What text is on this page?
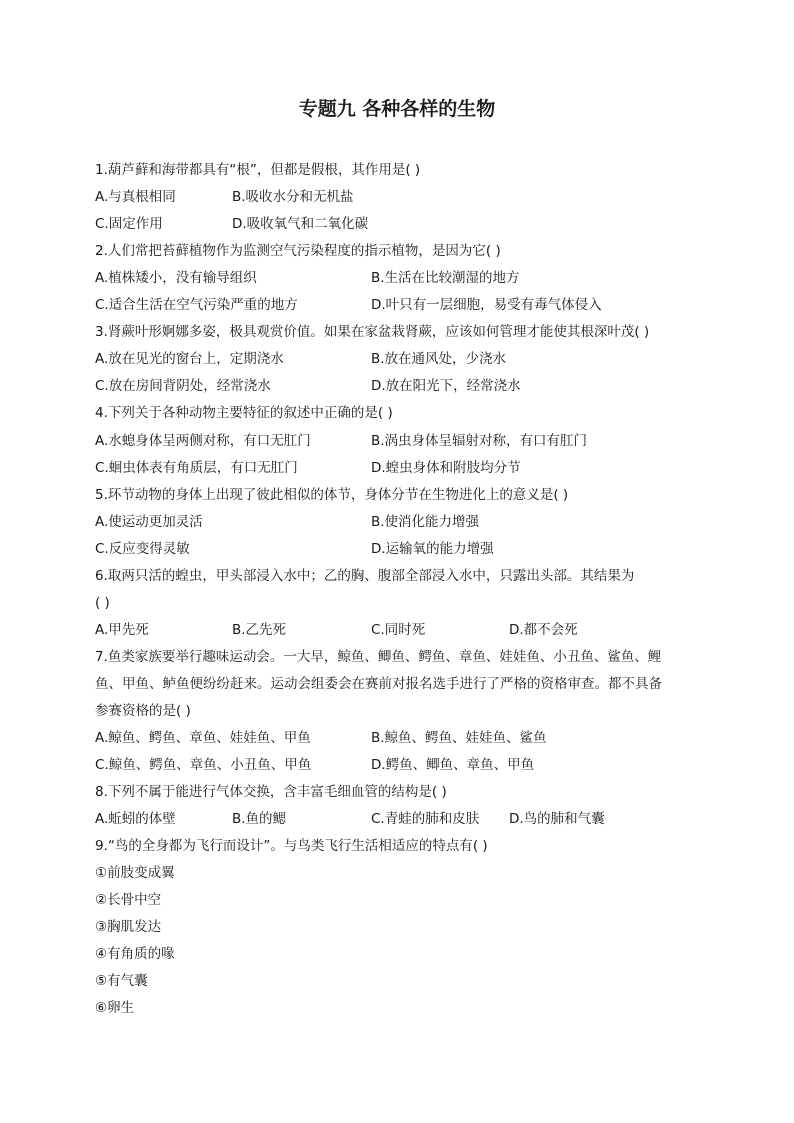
专题九 各种各样的生物
1.葫芦藓和海带都具有“根”，但都是假根，其作用是( )
A.与真根相同	B.吸收水分和无机盐
C.固定作用	D.吸收氧气和二氧化碳
2.人们常把苔藓植物作为监测空气污染程度的指示植物，是因为它( )
A.植株矮小，没有输导组织	B.生活在比较潮湿的地方
C.适合生活在空气污染严重的地方	D.叶只有一层细胞，易受有毒气体侵入
3.肾蕨叶形婀娜多姿，极具观赏价值。如果在家盆栽肾蕨，应该如何管理才能使其根深叶茂( )
A.放在见光的窗台上，定期浇水	B.放在通风处，少浇水
C.放在房间背阴处，经常浇水	D.放在阳光下，经常浇水
4.下列关于各种动物主要特征的叙述中正确的是( )
A.水螅身体呈两侧对称，有口无肛门	B.涡虫身体呈辐射对称，有口有肛门
C.蛔虫体表有角质层，有口无肛门	D.蝗虫身体和附肢均分节
5.环节动物的身体上出现了彼此相似的体节，身体分节在生物进化上的意义是( )
A.使运动更加灵活	B.使消化能力增强
C.反应变得灵敏	D.运输氧的能力增强
6.取两只活的蝗虫，甲头部浸入水中；乙的胸、腹部全部浸入水中，只露出头部。其结果为
( )
A.甲先死	B.乙先死	C.同时死	D.都不会死
7.鱼类家族要举行趣味运动会。一大早，鲸鱼、鲫鱼、鳄鱼、章鱼、娃娃鱼、小丑鱼、鲨鱼、鲤
鱼、甲鱼、鲈鱼便纷纷赶来。运动会组委会在赛前对报名选手进行了严格的资格审查。都不具备
参赛资格的是( )
A.鲸鱼、鳄鱼、章鱼、娃娃鱼、甲鱼	B.鲸鱼、鳄鱼、娃娃鱼、鲨鱼
C.鲸鱼、鳄鱼、章鱼、小丑鱼、甲鱼	D.鳄鱼、鲫鱼、章鱼、甲鱼
8.下列不属于能进行气体交换，含丰富毛细血管的结构是( )
A.蚯蚓的体壁	B.鱼的鳃	C.青蛙的肺和皮肤 D.鸟的肺和气囊
9.“鸟的全身都为飞行而设计”。与鸟类飞行生活相适应的特点有( )
①前肢变成翼
②长骨中空
③胸肌发达
④有角质的喙
⑤有气囊
⑥卵生
